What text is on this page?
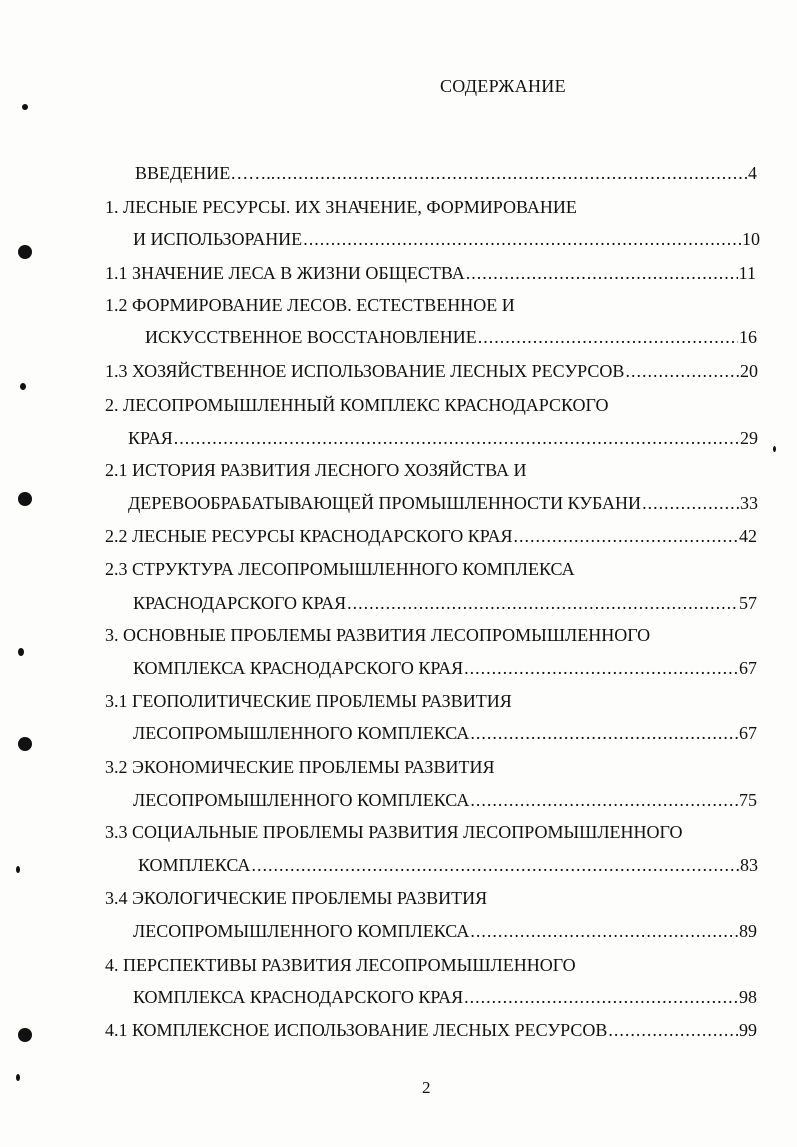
СОДЕРЖАНИЕ
ВВЕДЕНИЕ…….. .....	4
1. ЛЕСНЫЕ РЕСУРСЫ. ИХ ЗНАЧЕНИЕ, ФОРМИРОВАНИЕ
И ИСПОЛЬЗОРАНИЕ .....	10
1.1 ЗНАЧЕНИЕ ЛЕСА В ЖИЗНИ ОБЩЕСТВА .....	11
1.2 ФОРМИРОВАНИЕ ЛЕСОВ. ЕСТЕСТВЕННОЕ И
ИСКУССТВЕННОЕ ВОССТАНОВЛЕНИЕ .....	16
1.3 ХОЗЯЙСТВЕННОЕ ИСПОЛЬЗОВАНИЕ ЛЕСНЫХ РЕСУРСОВ .....	20
2. ЛЕСОПРОМЫШЛЕННЫЙ КОМПЛЕКС КРАСНОДАРСКОГО
КРАЯ .....	29
2.1 ИСТОРИЯ РАЗВИТИЯ ЛЕСНОГО ХОЗЯЙСТВА И
ДЕРЕВООБРАБАТЫВАЮЩЕЙ ПРОМЫШЛЕННОСТИ КУБАНИ .....	33
2.2 ЛЕСНЫЕ РЕСУРСЫ КРАСНОДАРСКОГО КРАЯ .....	42
2.3 СТРУКТУРА ЛЕСОПРОМЫШЛЕННОГО КОМПЛЕКСА
КРАСНОДАРСКОГО КРАЯ .....	57
3. ОСНОВНЫЕ ПРОБЛЕМЫ РАЗВИТИЯ ЛЕСОПРОМЫШЛЕННОГО
КОМПЛЕКСА КРАСНОДАРСКОГО КРАЯ .....	67
3.1 ГЕОПОЛИТИЧЕСКИЕ ПРОБЛЕМЫ РАЗВИТИЯ
ЛЕСОПРОМЫШЛЕННОГО КОМПЛЕКСА .....	67
3.2 ЭКОНОМИЧЕСКИЕ ПРОБЛЕМЫ РАЗВИТИЯ
ЛЕСОПРОМЫШЛЕННОГО КОМПЛЕКСА .....	75
3.3 СОЦИАЛЬНЫЕ ПРОБЛЕМЫ РАЗВИТИЯ ЛЕСОПРОМЫШЛЕННОГО
КОМПЛЕКСА .....	83
3.4 ЭКОЛОГИЧЕСКИЕ ПРОБЛЕМЫ РАЗВИТИЯ
ЛЕСОПРОМЫШЛЕННОГО КОМПЛЕКСА .....	89
4. ПЕРСПЕКТИВЫ РАЗВИТИЯ ЛЕСОПРОМЫШЛЕННОГО
КОМПЛЕКСА КРАСНОДАРСКОГО КРАЯ .....	98
4.1 КОМПЛЕКСНОЕ ИСПОЛЬЗОВАНИЕ ЛЕСНЫХ РЕСУРСОВ .....	99
2
